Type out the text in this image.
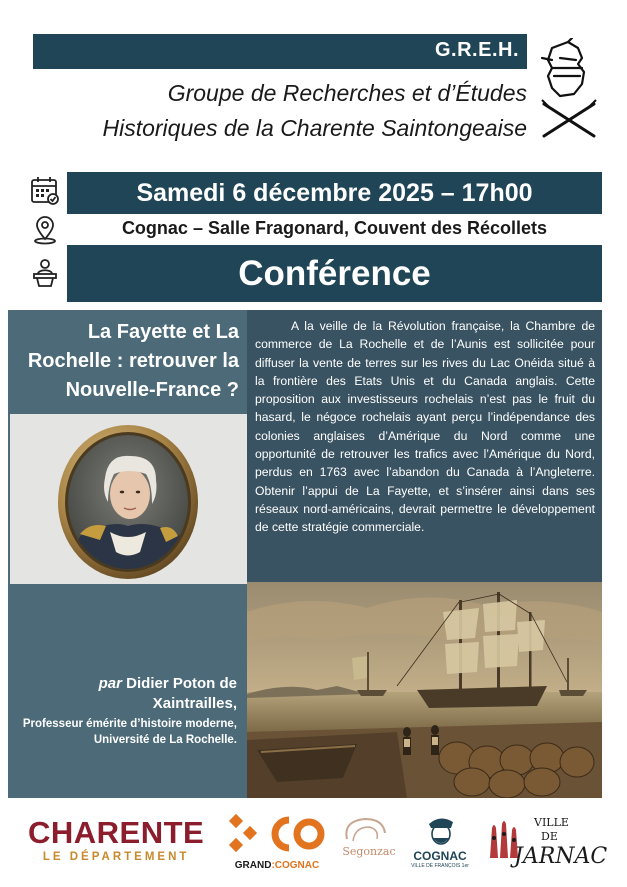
G.R.E.H.
Groupe de Recherches et d’Études
Historiques de la Charente Saintongeaise
Samedi 6 décembre 2025 – 17h00
Cognac – Salle Fragonard, Couvent des Récollets
Conférence
La Fayette et La Rochelle : retrouver la Nouvelle-France ?

A la veille de la Révolution française, la Chambre de commerce de La Rochelle et de l’Aunis est sollicitée pour diffuser la vente de terres sur les rives du Lac Onéida situé à la frontière des Etats Unis et du Canada anglais. Cette proposition aux investisseurs rochelais n’est pas le fruit du hasard, le négoce rochelais ayant perçu l’indépendance des colonies anglaises d’Amérique du Nord comme une opportunité de retrouver les trafics avec l’Amérique du Nord, perdus en 1763 avec l’abandon du Canada à l’Angleterre. Obtenir l’appui de La Fayette, et s’insérer ainsi dans ses réseaux nord-américains, devrait permettre le développement de cette stratégie commerciale.

par Didier Poton de Xaintrailles,
Professeur émérite d’histoire moderne, Université de La Rochelle.
CHARENTE
LE DÉPARTEMENT
GRAND:COGNAC
Segonzac	COGNAC
VILLE DE FRANÇOIS 1er
VILLE
DE
JARNAC
